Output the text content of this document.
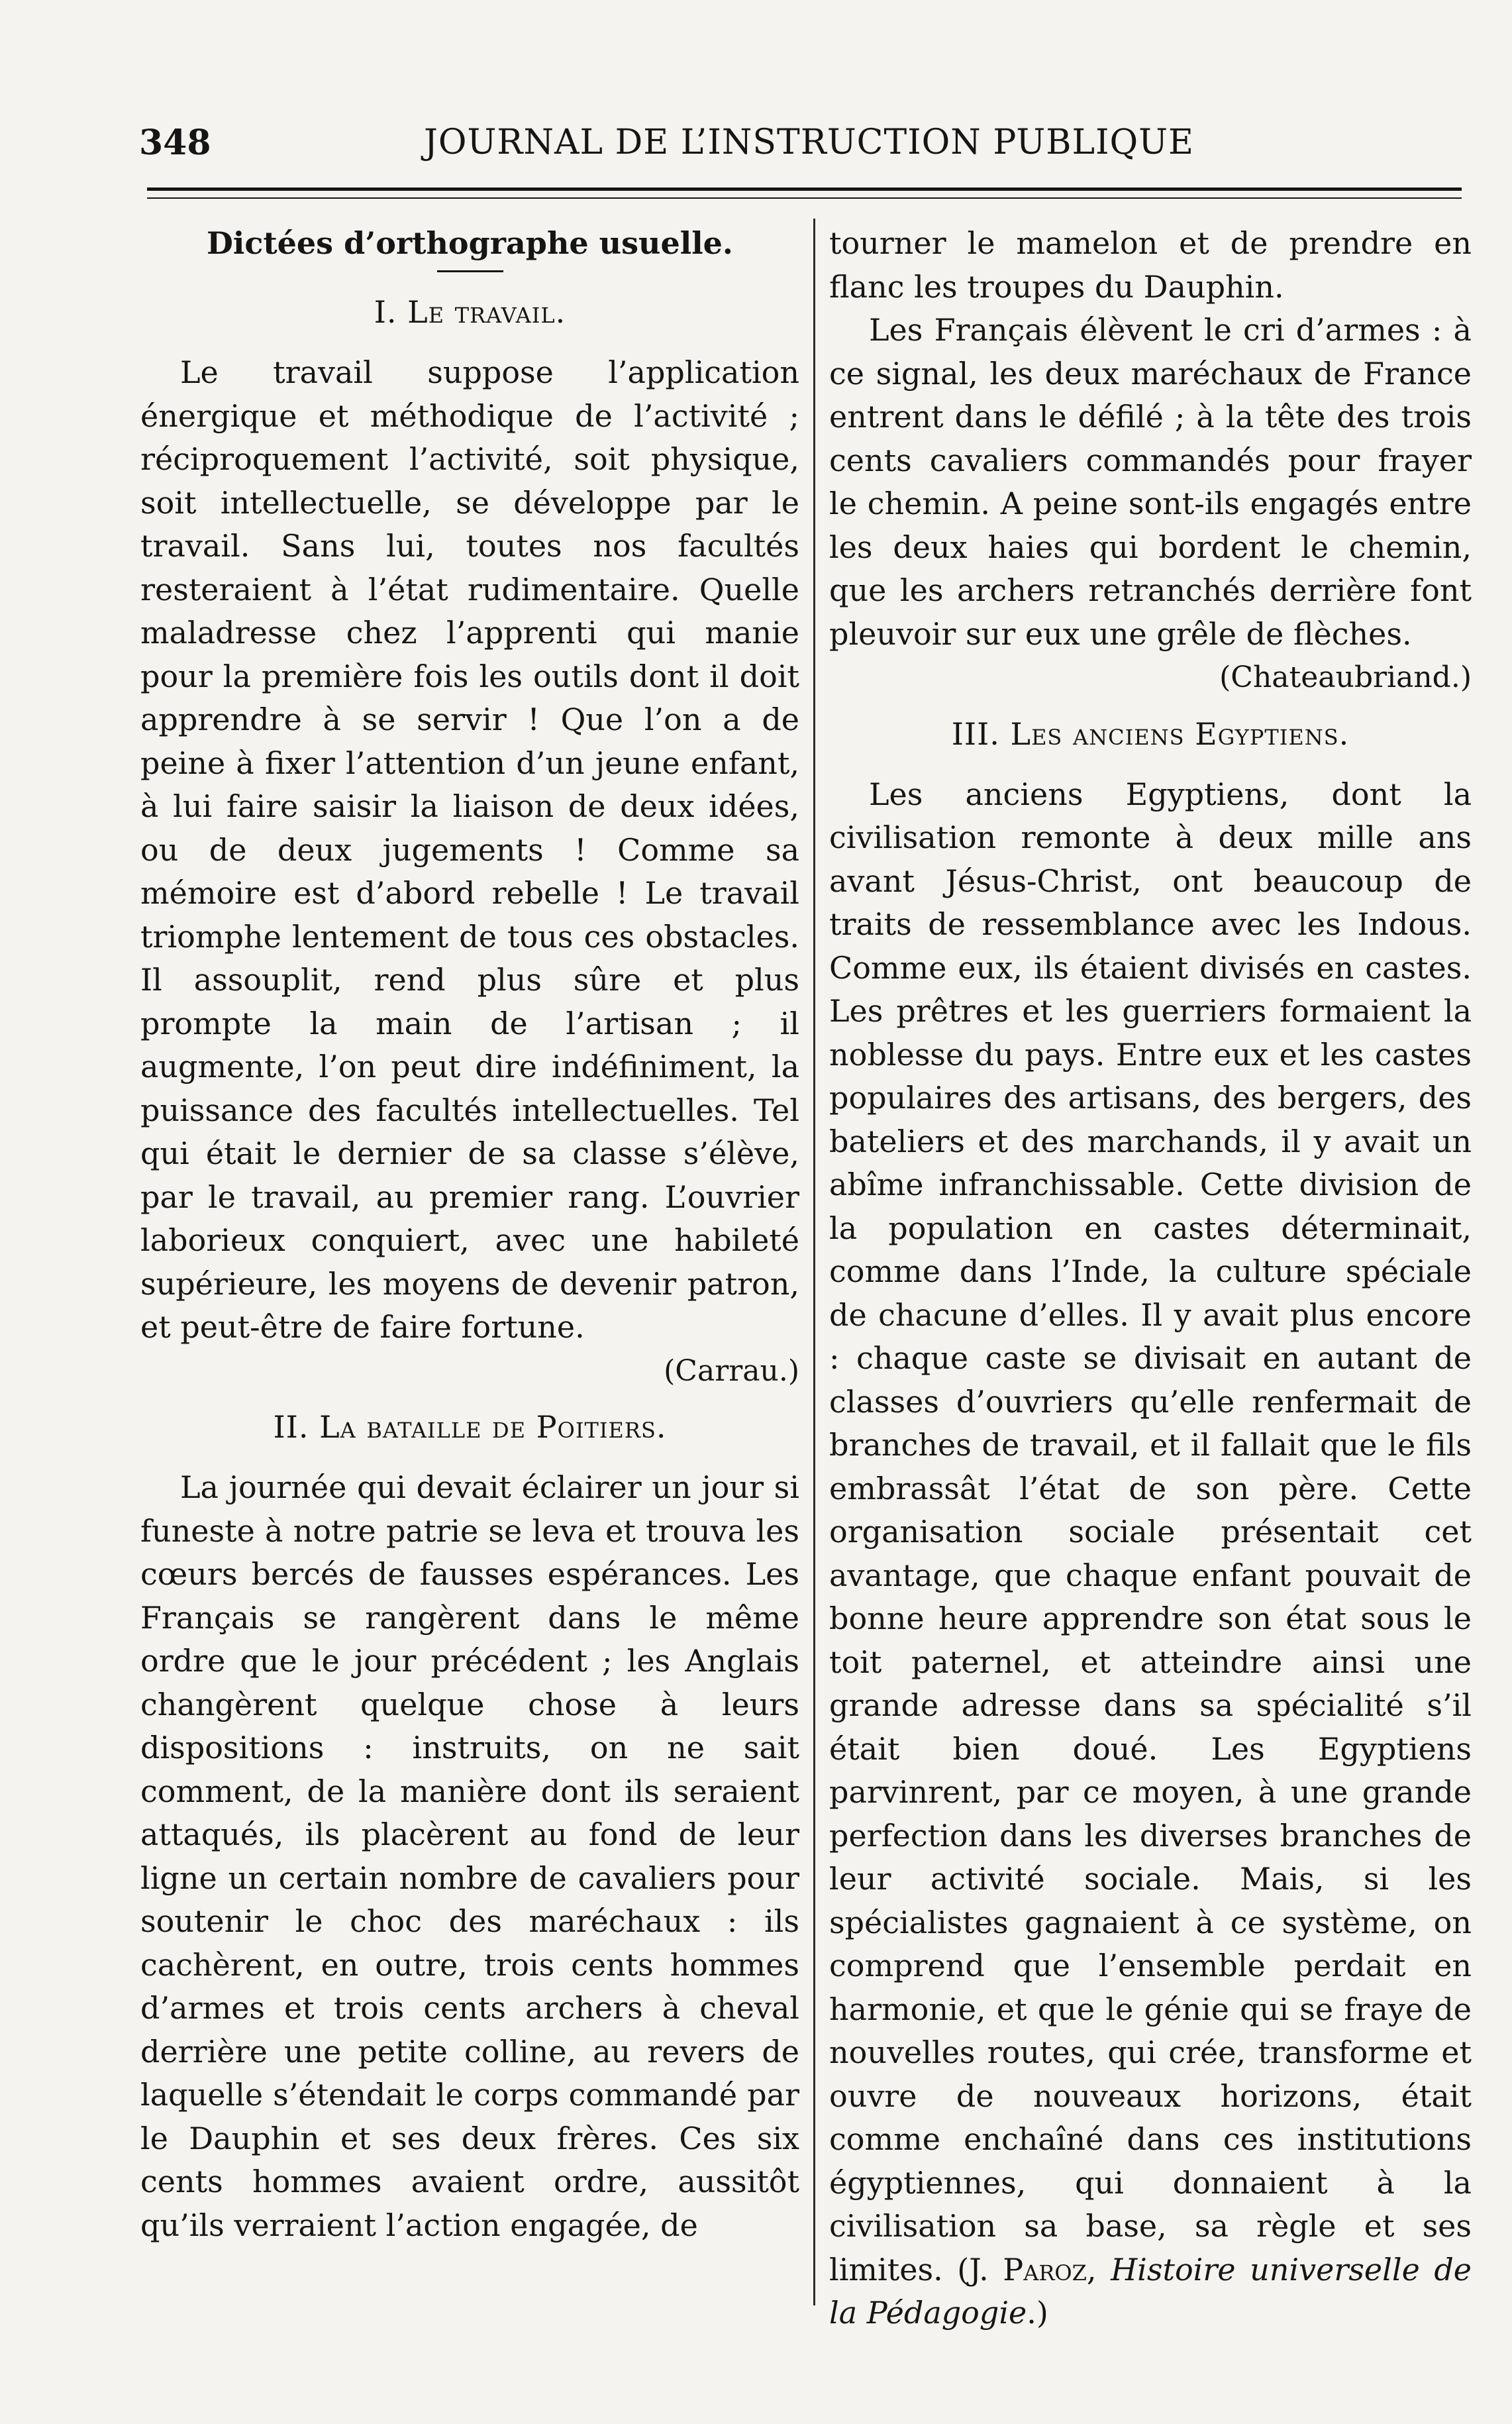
348	JOURNAL DE L’INSTRUCTION PUBLIQUE
Dictées d’orthographe usuelle.
I. Le travail.

Le travail suppose l’application énergique et méthodique de l’activité ; réciproquement l’activité, soit physique, soit intellectuelle, se développe par le travail. Sans lui, toutes nos facultés resteraient à l’état rudimentaire. Quelle maladresse chez l’apprenti qui manie pour la première fois les outils dont il doit apprendre à se servir ! Que l’on a de peine à fixer l’attention d’un jeune enfant, à lui faire saisir la liaison de deux idées, ou de deux jugements ! Comme sa mémoire est d’abord rebelle ! Le travail triomphe lentement de tous ces obstacles. Il assouplit, rend plus sûre et plus prompte la main de l’artisan ; il augmente, l’on peut dire indéfiniment, la puissance des facultés intellectuelles. Tel qui était le dernier de sa classe s’élève, par le travail, au premier rang. L’ouvrier laborieux conquiert, avec une habileté supérieure, les moyens de devenir patron, et peut-être de faire fortune.

(Carrau.)

II. La bataille de Poitiers.

La journée qui devait éclairer un jour si funeste à notre patrie se leva et trouva les cœurs bercés de fausses espérances. Les Français se rangèrent dans le même ordre que le jour précédent ; les Anglais changèrent quelque chose à leurs dispositions : instruits, on ne sait comment, de la manière dont ils seraient attaqués, ils placèrent au fond de leur ligne un certain nombre de cavaliers pour soutenir le choc des maréchaux : ils cachèrent, en outre, trois cents hommes d’armes et trois cents archers à cheval derrière une petite colline, au revers de laquelle s’étendait le corps commandé par le Dauphin et ses deux frères. Ces six cents hommes avaient ordre, aussitôt qu’ils verraient l’action engagée, de

tourner le mamelon et de prendre en flanc les troupes du Dauphin.

Les Français élèvent le cri d’armes : à ce signal, les deux maréchaux de France entrent dans le défilé ; à la tête des trois cents cavaliers commandés pour frayer le chemin. A peine sont-ils engagés entre les deux haies qui bordent le chemin, que les archers retranchés derrière font pleuvoir sur eux une grêle de flèches.

(Chateaubriand.)

III. Les anciens Egyptiens.

Les anciens Egyptiens, dont la civilisation remonte à deux mille ans avant Jésus-Christ, ont beaucoup de traits de ressemblance avec les Indous. Comme eux, ils étaient divisés en castes. Les prêtres et les guerriers formaient la noblesse du pays. Entre eux et les castes populaires des artisans, des bergers, des bateliers et des marchands, il y avait un abîme infranchissable. Cette division de la population en castes déterminait, comme dans l’Inde, la culture spéciale de chacune d’elles. Il y avait plus encore : chaque caste se divisait en autant de classes d’ouvriers qu’elle renfermait de branches de travail, et il fallait que le fils embrassât l’état de son père. Cette organisation sociale présentait cet avantage, que chaque enfant pouvait de bonne heure apprendre son état sous le toit paternel, et atteindre ainsi une grande adresse dans sa spécialité s’il était bien doué. Les Egyptiens parvinrent, par ce moyen, à une grande perfection dans les diverses branches de leur activité sociale. Mais, si les spécialistes gagnaient à ce système, on comprend que l’ensemble perdait en harmonie, et que le génie qui se fraye de nouvelles routes, qui crée, transforme et ouvre de nouveaux horizons, était comme enchaîné dans ces institutions égyptiennes, qui donnaient à la civilisation sa base, sa règle et ses limites. (J. Paroz, Histoire universelle de la Pédagogie.)
